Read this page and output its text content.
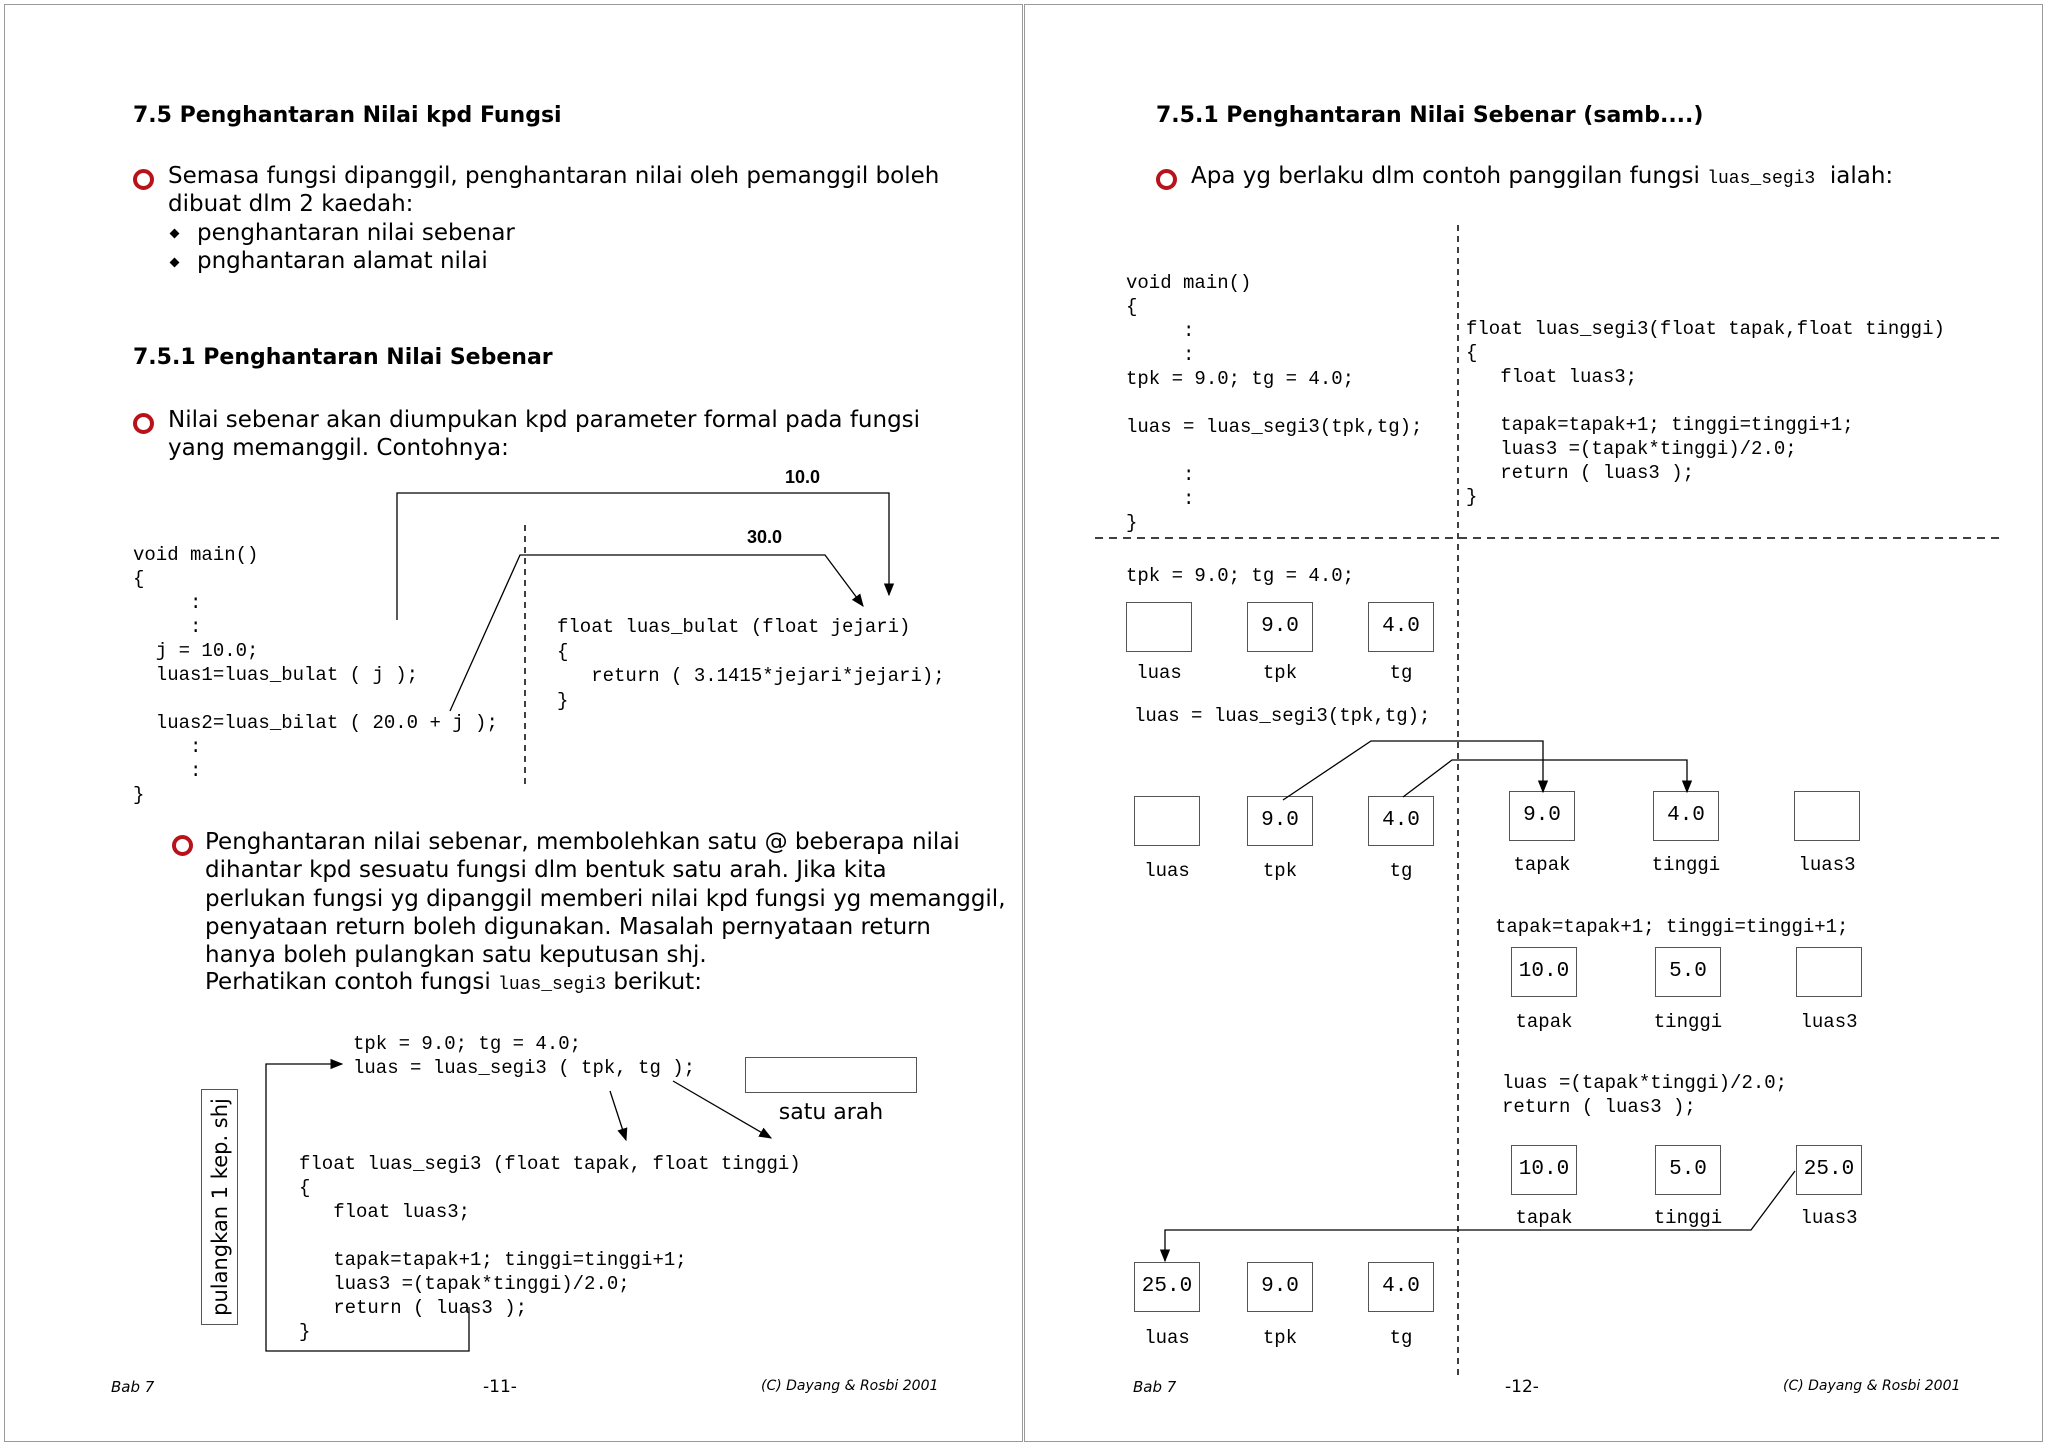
7.5 Penghantaran Nilai kpd Fungsi
Semasa fungsi dipanggil, penghantaran nilai oleh pemanggil boleh
dibuat dlm 2 kaedah:
penghantaran nilai sebenar
pnghantaran alamat nilai
7.5.1 Penghantaran Nilai Sebenar
Nilai sebenar akan diumpukan kpd parameter formal pada fungsi
yang memanggil. Contohnya:
10.0
30.0
void main()
{
:
:
j = 10.0;
luas1=luas_bulat ( j );

luas2=luas_bilat ( 20.0 + j );
:
:
}
float luas_bulat (float jejari)
{
return ( 3.1415*jejari*jejari);
}
Penghantaran nilai sebenar, membolehkan satu @ beberapa nilai
dihantar kpd sesuatu fungsi dlm bentuk satu arah. Jika kita
perlukan fungsi yg dipanggil memberi nilai kpd fungsi yg memanggil,
penyataan return boleh digunakan. Masalah pernyataan return
hanya boleh pulangkan satu keputusan shj.
Perhatikan contoh fungsi luas_segi3 berikut:
tpk = 9.0; tg = 4.0;
luas = luas_segi3 ( tpk, tg );

satu arah

pulangkan 1 kep. shj

	float luas_segi3 (float tapak, float tinggi)
{
float luas3;

tapak=tapak+1; tinggi=tinggi+1;
luas3 =(tapak*tinggi)/2.0;
return ( luas3 );
}
Bab 7	-11-	(C) Dayang & Rosbi 2001
7.5.1 Penghantaran Nilai Sebenar (samb....)
Apa yg berlaku dlm contoh panggilan fungsi luas_segi3  ialah:
void main()
{
:
:
tpk = 9.0; tg = 4.0;

luas = luas_segi3(tpk,tg);

:
:
}
float luas_segi3(float tapak,float tinggi)
{
float luas3;

tapak=tapak+1; tinggi=tinggi+1;
luas3 =(tapak*tinggi)/2.0;
return ( luas3 );
}
tpk = 9.0; tg = 4.0;
luas
9.0
tpk
4.0
tg
luas = luas_segi3(tpk,tg);
luas
9.0
tpk
4.0
tg
9.0
tapak
4.0
tinggi	luas3
tapak=tapak+1; tinggi=tinggi+1;
10.0
tapak
5.0
tinggi	luas3
luas =(tapak*tinggi)/2.0;
return ( luas3 );
10.0
tapak
5.0
tinggi
25.0
luas3
25.0
luas
9.0
tpk
4.0
tg
Bab 7	-12-	(C) Dayang & Rosbi 2001
